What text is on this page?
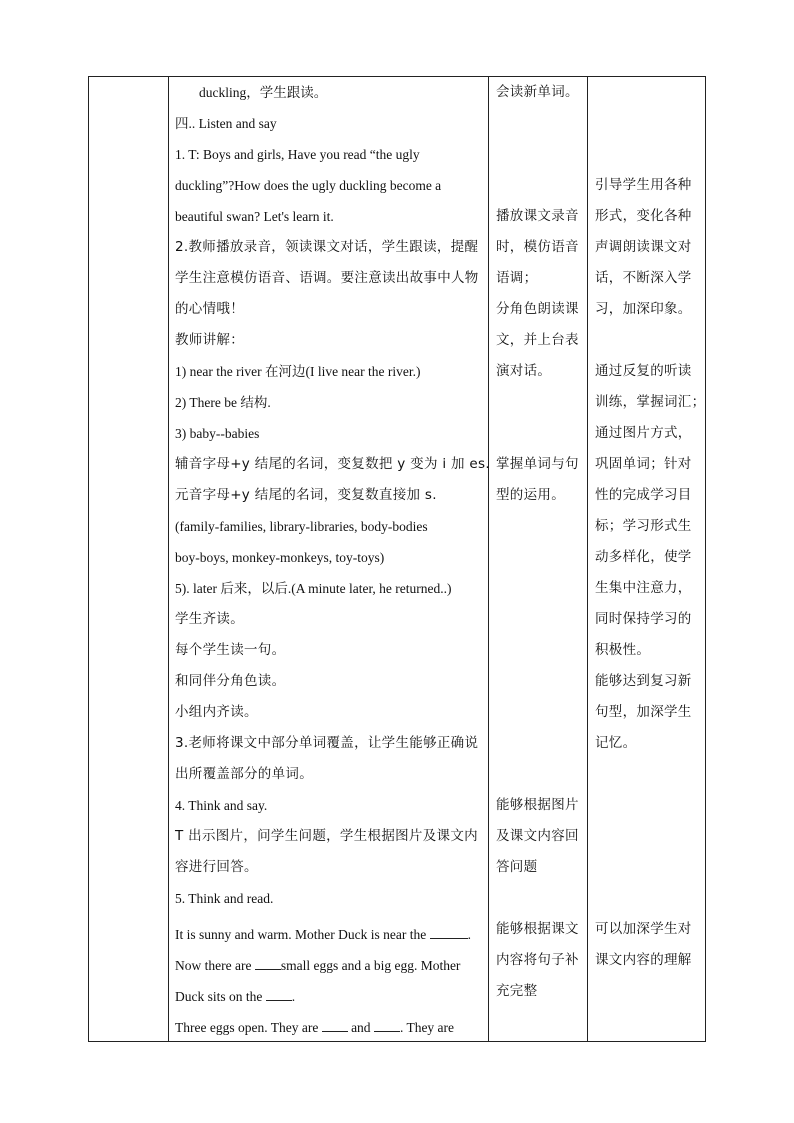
duckling，学生跟读。
四.. Listen and say
1. T: Boys and girls, Have you read “the ugly
duckling”?How does the ugly duckling become a
beautiful swan? Let's learn it.
2.教师播放录音，领读课文对话，学生跟读，提醒
学生注意模仿语音、语调。要注意读出故事中人物
的心情哦！
教师讲解：
1) near the river 在河边(I live near the river.)
2) There be 结构.
3) baby--babies
辅音字母+y 结尾的名词，变复数把 y 变为 i 加 es.
元音字母+y 结尾的名词，变复数直接加 s.
(family-families, library-libraries, body-bodies
boy-boys, monkey-monkeys, toy-toys)
5). later 后来，以后.(A minute later, he returned..)
学生齐读。
每个学生读一句。
和同伴分角色读。
小组内齐读。
3.老师将课文中部分单词覆盖，让学生能够正确说
出所覆盖部分的单词。
4. Think and say.
T 出示图片，问学生问题，学生根据图片及课文内
容进行回答。
5. Think and read.
It is sunny and warm. Mother Duck is near the	.
Now there are small eggs and a big egg. Mother
Duck sits on the .
Three eggs open. They are  and . They are
会读新单词。
播放课文录音
时，模仿语音
语调；
分角色朗读课
文，并上台表
演对话。
掌握单词与句
型的运用。
能够根据图片
及课文内容回
答问题
能够根据课文
内容将句子补
充完整
引导学生用各种
形式，变化各种
声调朗读课文对
话，不断深入学
习，加深印象。
通过反复的听读
训练，掌握词汇；
通过图片方式，
巩固单词；针对
性的完成学习目
标；学习形式生
动多样化，使学
生集中注意力，
同时保持学习的
积极性。
能够达到复习新
句型，加深学生
记忆。
可以加深学生对
课文内容的理解
